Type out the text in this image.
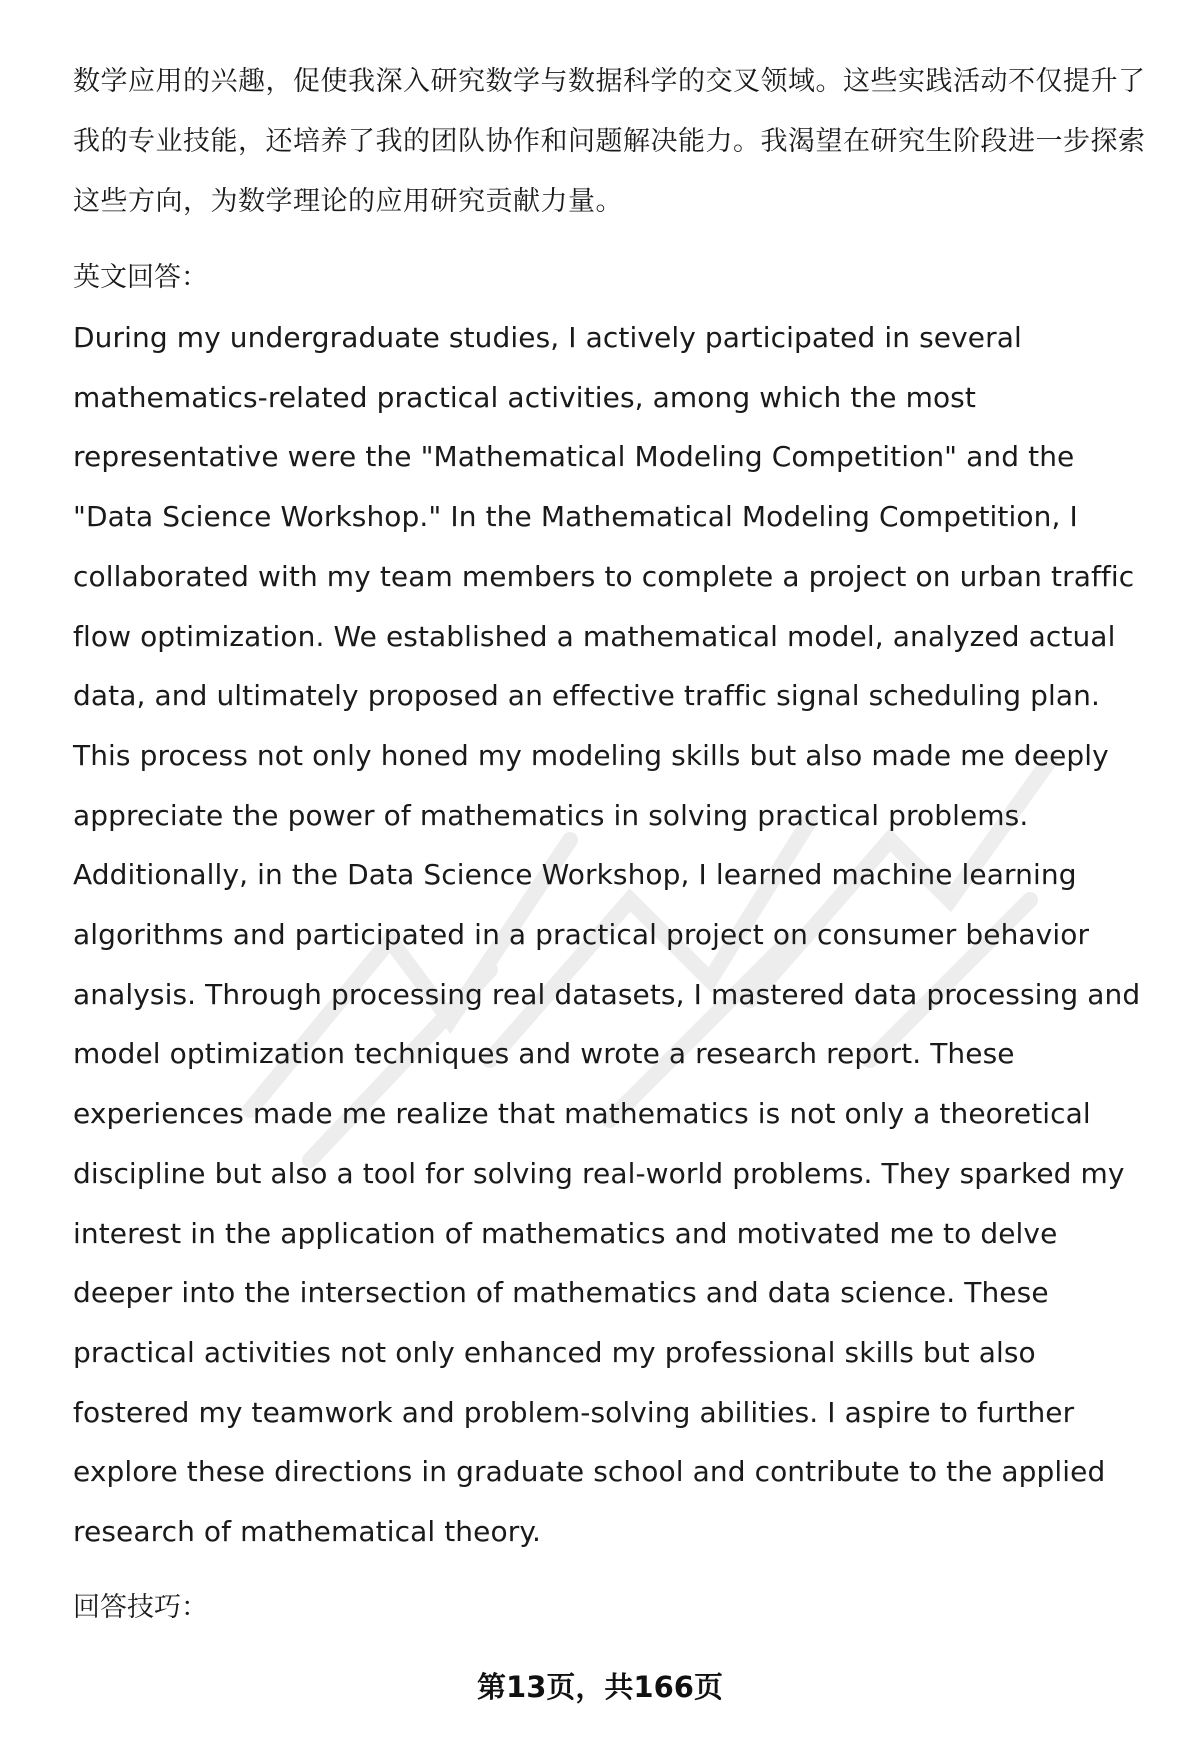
数学应用的兴趣，促使我深入研究数学与数据科学的交叉领域。这些实践活动不仅提升了我的专业技能，还培养了我的团队协作和问题解决能力。我渴望在研究生阶段进一步探索这些方向，为数学理论的应用研究贡献力量。

英文回答：

During my undergraduate studies, I actively participated in several mathematics-related practical activities, among which the most representative were the "Mathematical Modeling Competition" and the "Data Science Workshop." In the Mathematical Modeling Competition, I collaborated with my team members to complete a project on urban traffic flow optimization. We established a mathematical model, analyzed actual data, and ultimately proposed an effective traffic signal scheduling plan. This process not only honed my modeling skills but also made me deeply appreciate the power of mathematics in solving practical problems. Additionally, in the Data Science Workshop, I learned machine learning algorithms and participated in a practical project on consumer behavior analysis. Through processing real datasets, I mastered data processing and model optimization techniques and wrote a research report. These experiences made me realize that mathematics is not only a theoretical discipline but also a tool for solving real-world problems. They sparked my interest in the application of mathematics and motivated me to delve deeper into the intersection of mathematics and data science. These practical activities not only enhanced my professional skills but also fostered my teamwork and problem-solving abilities. I aspire to further explore these directions in graduate school and contribute to the applied research of mathematical theory.

回答技巧：

第13页，共166页
